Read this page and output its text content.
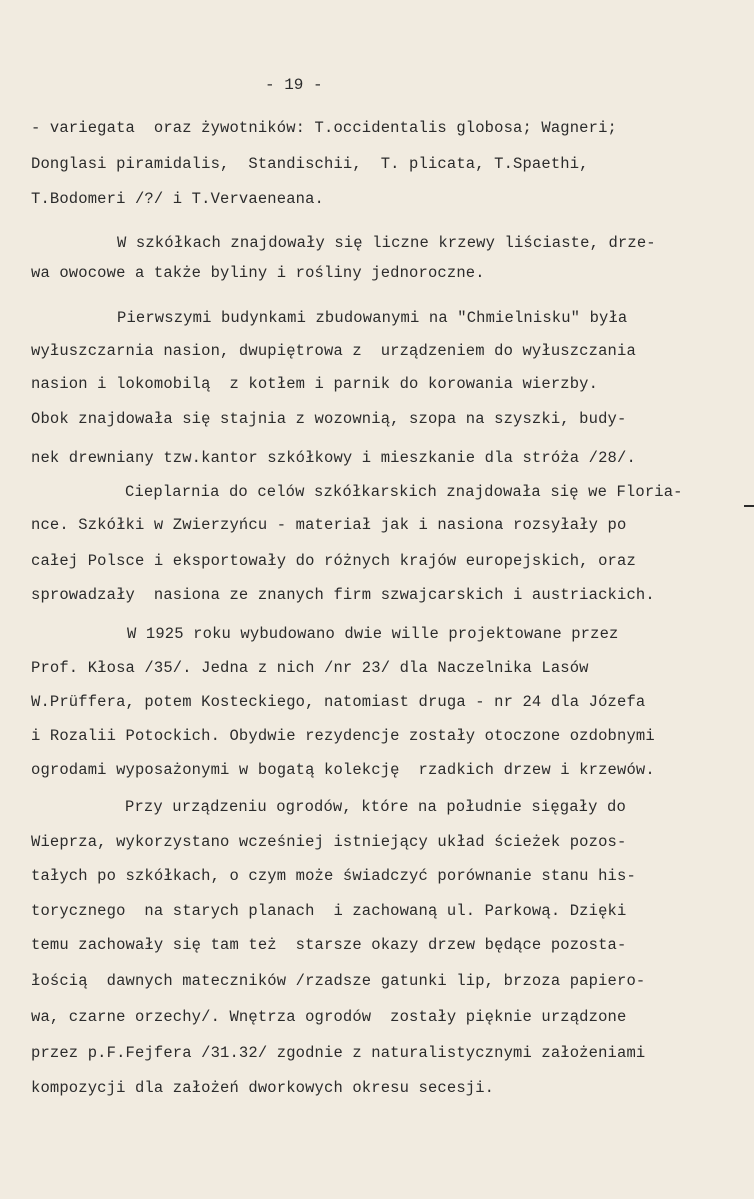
- 19 -
- variegata  oraz żywotników: T.occidentalis globosa; Wagneri;
Donglasi piramidalis,  Standischii,  T. plicata, T.Spaethi,
T.Bodomeri /?/ i T.Vervaeneana.
W szkółkach znajdowały się liczne krzewy liściaste, drze-
wa owocowe a także byliny i rośliny jednoroczne.
Pierwszymi budynkami zbudowanymi na "Chmielnisku" była
wyłuszczarnia nasion, dwupiętrowa z  urządzeniem do wyłuszczania
nasion i lokomobilą  z kotłem i parnik do korowania wierzby.
Obok znajdowała się stajnia z wozownią, szopa na szyszki, budy-
nek drewniany tzw.kantor szkółkowy i mieszkanie dla stróża /28/.
Cieplarnia do celów szkółkarskich znajdowała się we Floria-
nce. Szkółki w Zwierzyńcu - materiał jak i nasiona rozsyłały po
całej Polsce i eksportowały do różnych krajów europejskich, oraz
sprowadzały  nasiona ze znanych firm szwajcarskich i austriackich.
W 1925 roku wybudowano dwie wille projektowane przez
Prof. Kłosa /35/. Jedna z nich /nr 23/ dla Naczelnika Lasów
W.Prüffera, potem Kosteckiego, natomiast druga - nr 24 dla Józefa
i Rozalii Potockich. Obydwie rezydencje zostały otoczone ozdobnymi
ogrodami wyposażonymi w bogatą kolekcję  rzadkich drzew i krzewów.
Przy urządzeniu ogrodów, które na południe sięgały do
Wieprza, wykorzystano wcześniej istniejący układ ścieżek pozos-
tałych po szkółkach, o czym może świadczyć porównanie stanu his-
torycznego  na starych planach  i zachowaną ul. Parkową. Dzięki
temu zachowały się tam też  starsze okazy drzew będące pozosta-
łością  dawnych mateczników /rzadsze gatunki lip, brzoza papiero-
wa, czarne orzechy/. Wnętrza ogrodów  zostały pięknie urządzone
przez p.F.Fejfera /31.32/ zgodnie z naturalistycznymi założeniami
kompozycji dla założeń dworkowych okresu secesji.
